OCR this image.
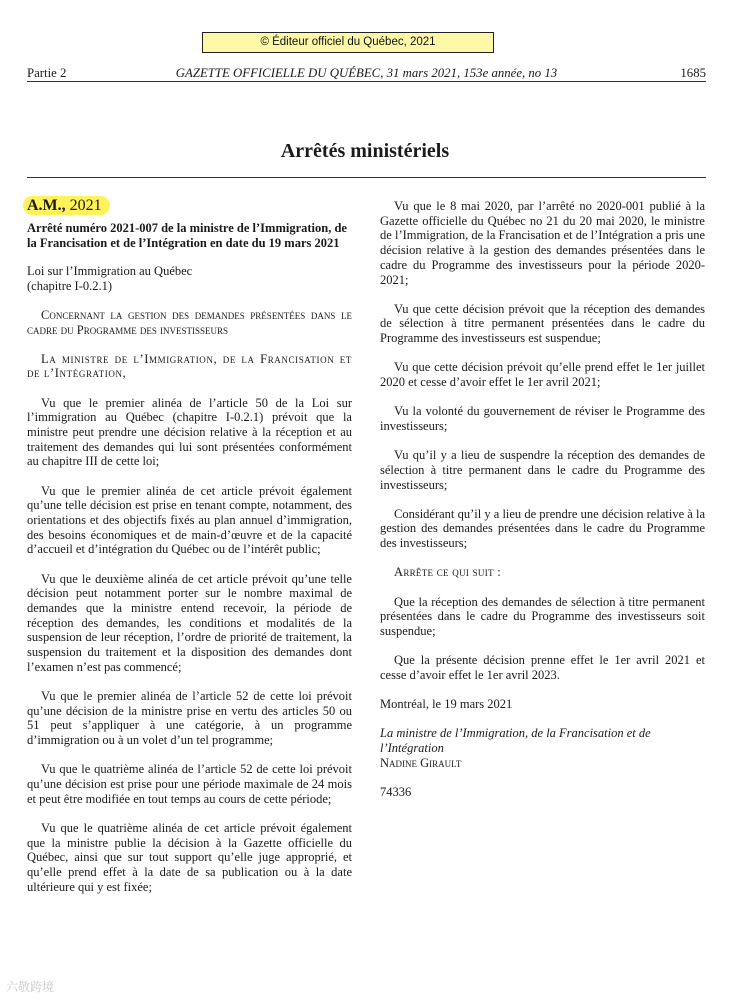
© Éditeur officiel du Québec, 2021
Partie 2	GAZETTE OFFICIELLE DU QUÉBEC, 31 mars 2021, 153e année, no 13	1685
Arrêtés ministériels
A.M., 2021
Arrêté numéro 2021-007 de la ministre de l’Immigration, de la Francisation et de l’Intégration en date du 19 mars 2021
Loi sur l’Immigration au Québec
(chapitre I-0.2.1)
Concernant la gestion des demandes présentées dans le cadre du Programme des investisseurs
La ministre de l’Immigration, de la Francisation et de l’Intégration,
Vu que le premier alinéa de l’article 50 de la Loi sur l’immigration au Québec (chapitre I-0.2.1) prévoit que la ministre peut prendre une décision relative à la réception et au traitement des demandes qui lui sont présentées conformément au chapitre III de cette loi;
Vu que le premier alinéa de cet article prévoit également qu’une telle décision est prise en tenant compte, notamment, des orientations et des objectifs fixés au plan annuel d’immigration, des besoins économiques et de main-d’œuvre et de la capacité d’accueil et d’intégration du Québec ou de l’intérêt public;
Vu que le deuxième alinéa de cet article prévoit qu’une telle décision peut notamment porter sur le nombre maximal de demandes que la ministre entend recevoir, la période de réception des demandes, les conditions et modalités de la suspension de leur réception, l’ordre de priorité de traitement, la suspension du traitement et la disposition des demandes dont l’examen n’est pas commencé;
Vu que le premier alinéa de l’article 52 de cette loi prévoit qu’une décision de la ministre prise en vertu des articles 50 ou 51 peut s’appliquer à une catégorie, à un programme d’immigration ou à un volet d’un tel programme;
Vu que le quatrième alinéa de l’article 52 de cette loi prévoit qu’une décision est prise pour une période maximale de 24 mois et peut être modifiée en tout temps au cours de cette période;
Vu que le quatrième alinéa de cet article prévoit également que la ministre publie la décision à la Gazette officielle du Québec, ainsi que sur tout support qu’elle juge approprié, et qu’elle prend effet à la date de sa publication ou à la date ultérieure qui y est fixée;
Vu que le 8 mai 2020, par l’arrêté no 2020-001 publié à la Gazette officielle du Québec no 21 du 20 mai 2020, le ministre de l’Immigration, de la Francisation et de l’Intégration a pris une décision relative à la gestion des demandes présentées dans le cadre du Programme des investisseurs pour la période 2020-2021;
Vu que cette décision prévoit que la réception des demandes de sélection à titre permanent présentées dans le cadre du Programme des investisseurs est suspendue;
Vu que cette décision prévoit qu’elle prend effet le 1er juillet 2020 et cesse d’avoir effet le 1er avril 2021;
Vu la volonté du gouvernement de réviser le Programme des investisseurs;
Vu qu’il y a lieu de suspendre la réception des demandes de sélection à titre permanent dans le cadre du Programme des investisseurs;
Considérant qu’il y a lieu de prendre une décision relative à la gestion des demandes présentées dans le cadre du Programme des investisseurs;
Arrête ce qui suit :
Que la réception des demandes de sélection à titre permanent présentées dans le cadre du Programme des investisseurs soit suspendue;
Que la présente décision prenne effet le 1er avril 2021 et cesse d’avoir effet le 1er avril 2023.
Montréal, le 19 mars 2021
La ministre de l’Immigration, de la Francisation et de l’Intégration
Nadine Girault
74336
六敬跨境
